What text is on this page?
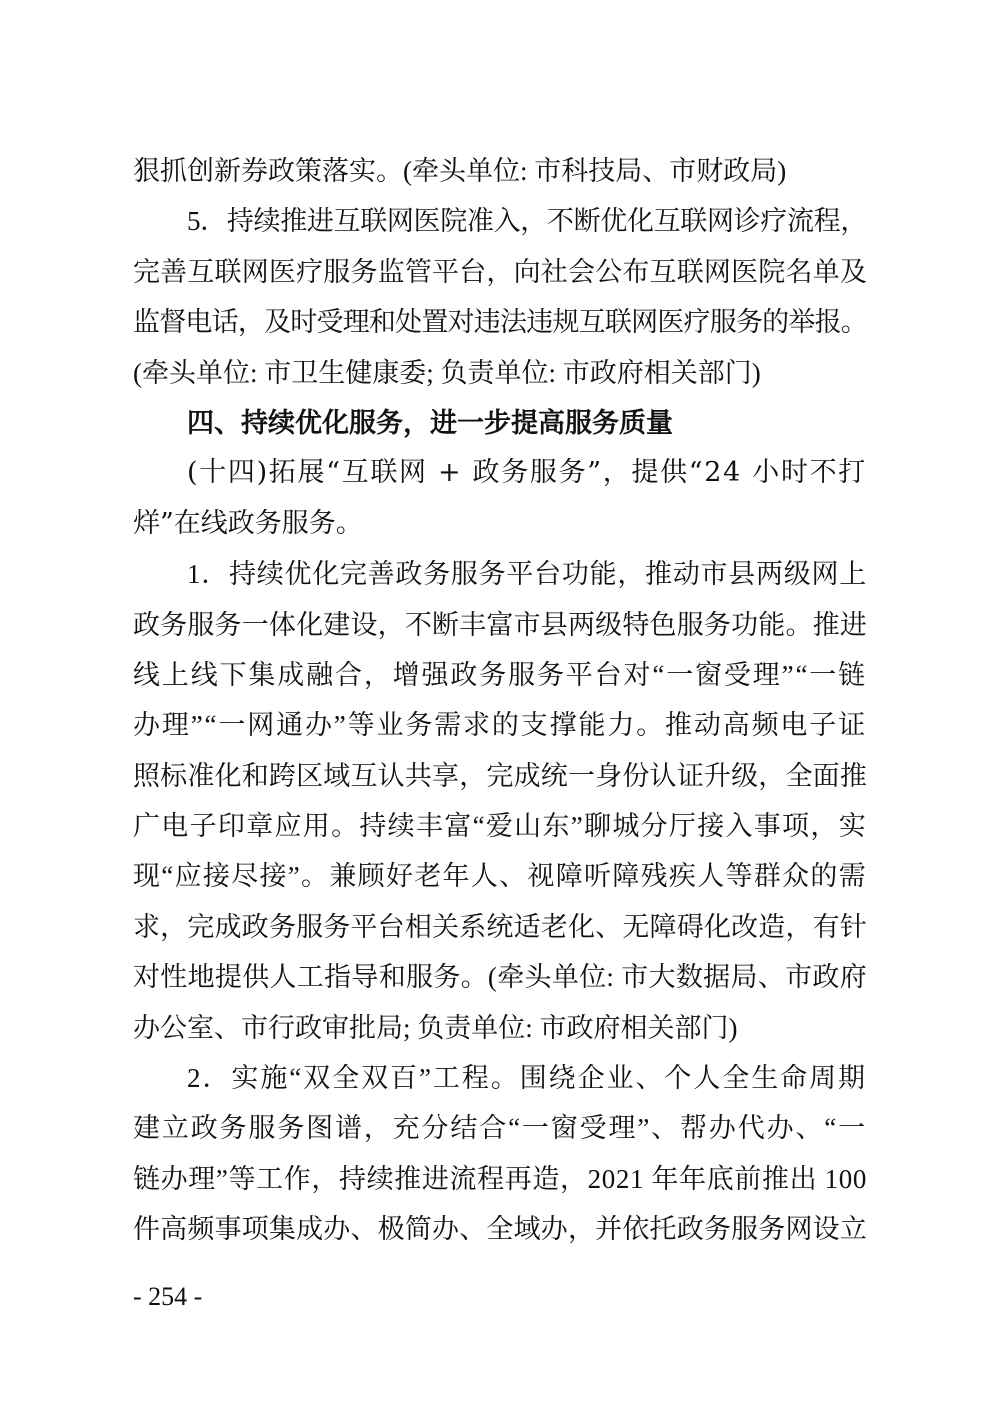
狠抓创新券政策落实。(牵头单位: 市科技局、市财政局)
5．持续推进互联网医院准入，不断优化互联网诊疗流程，
完善互联网医疗服务监管平台，向社会公布互联网医院名单及
监督电话，及时受理和处置对违法违规互联网医疗服务的举报。
(牵头单位: 市卫生健康委; 负责单位: 市政府相关部门)
四、持续优化服务，进一步提高服务质量
(十四)拓展“互联网 + 政务服务”，提供“24 小时不打
烊”在线政务服务。
1．持续优化完善政务服务平台功能，推动市县两级网上
政务服务一体化建设，不断丰富市县两级特色服务功能。推进
线上线下集成融合，增强政务服务平台对“一窗受理”“一链
办理”“一网通办”等业务需求的支撑能力。推动高频电子证
照标准化和跨区域互认共享，完成统一身份认证升级，全面推
广电子印章应用。持续丰富“爱山东”聊城分厅接入事项，实
现“应接尽接”。兼顾好老年人、视障听障残疾人等群众的需
求，完成政务服务平台相关系统适老化、无障碍化改造，有针
对性地提供人工指导和服务。(牵头单位: 市大数据局、市政府
办公室、市行政审批局; 负责单位: 市政府相关部门)
2．实施“双全双百”工程。围绕企业、个人全生命周期
建立政务服务图谱，充分结合“一窗受理”、帮办代办、“一
链办理”等工作，持续推进流程再造，2021 年年底前推出 100
件高频事项集成办、极简办、全域办，并依托政务服务网设立
- 254 -
